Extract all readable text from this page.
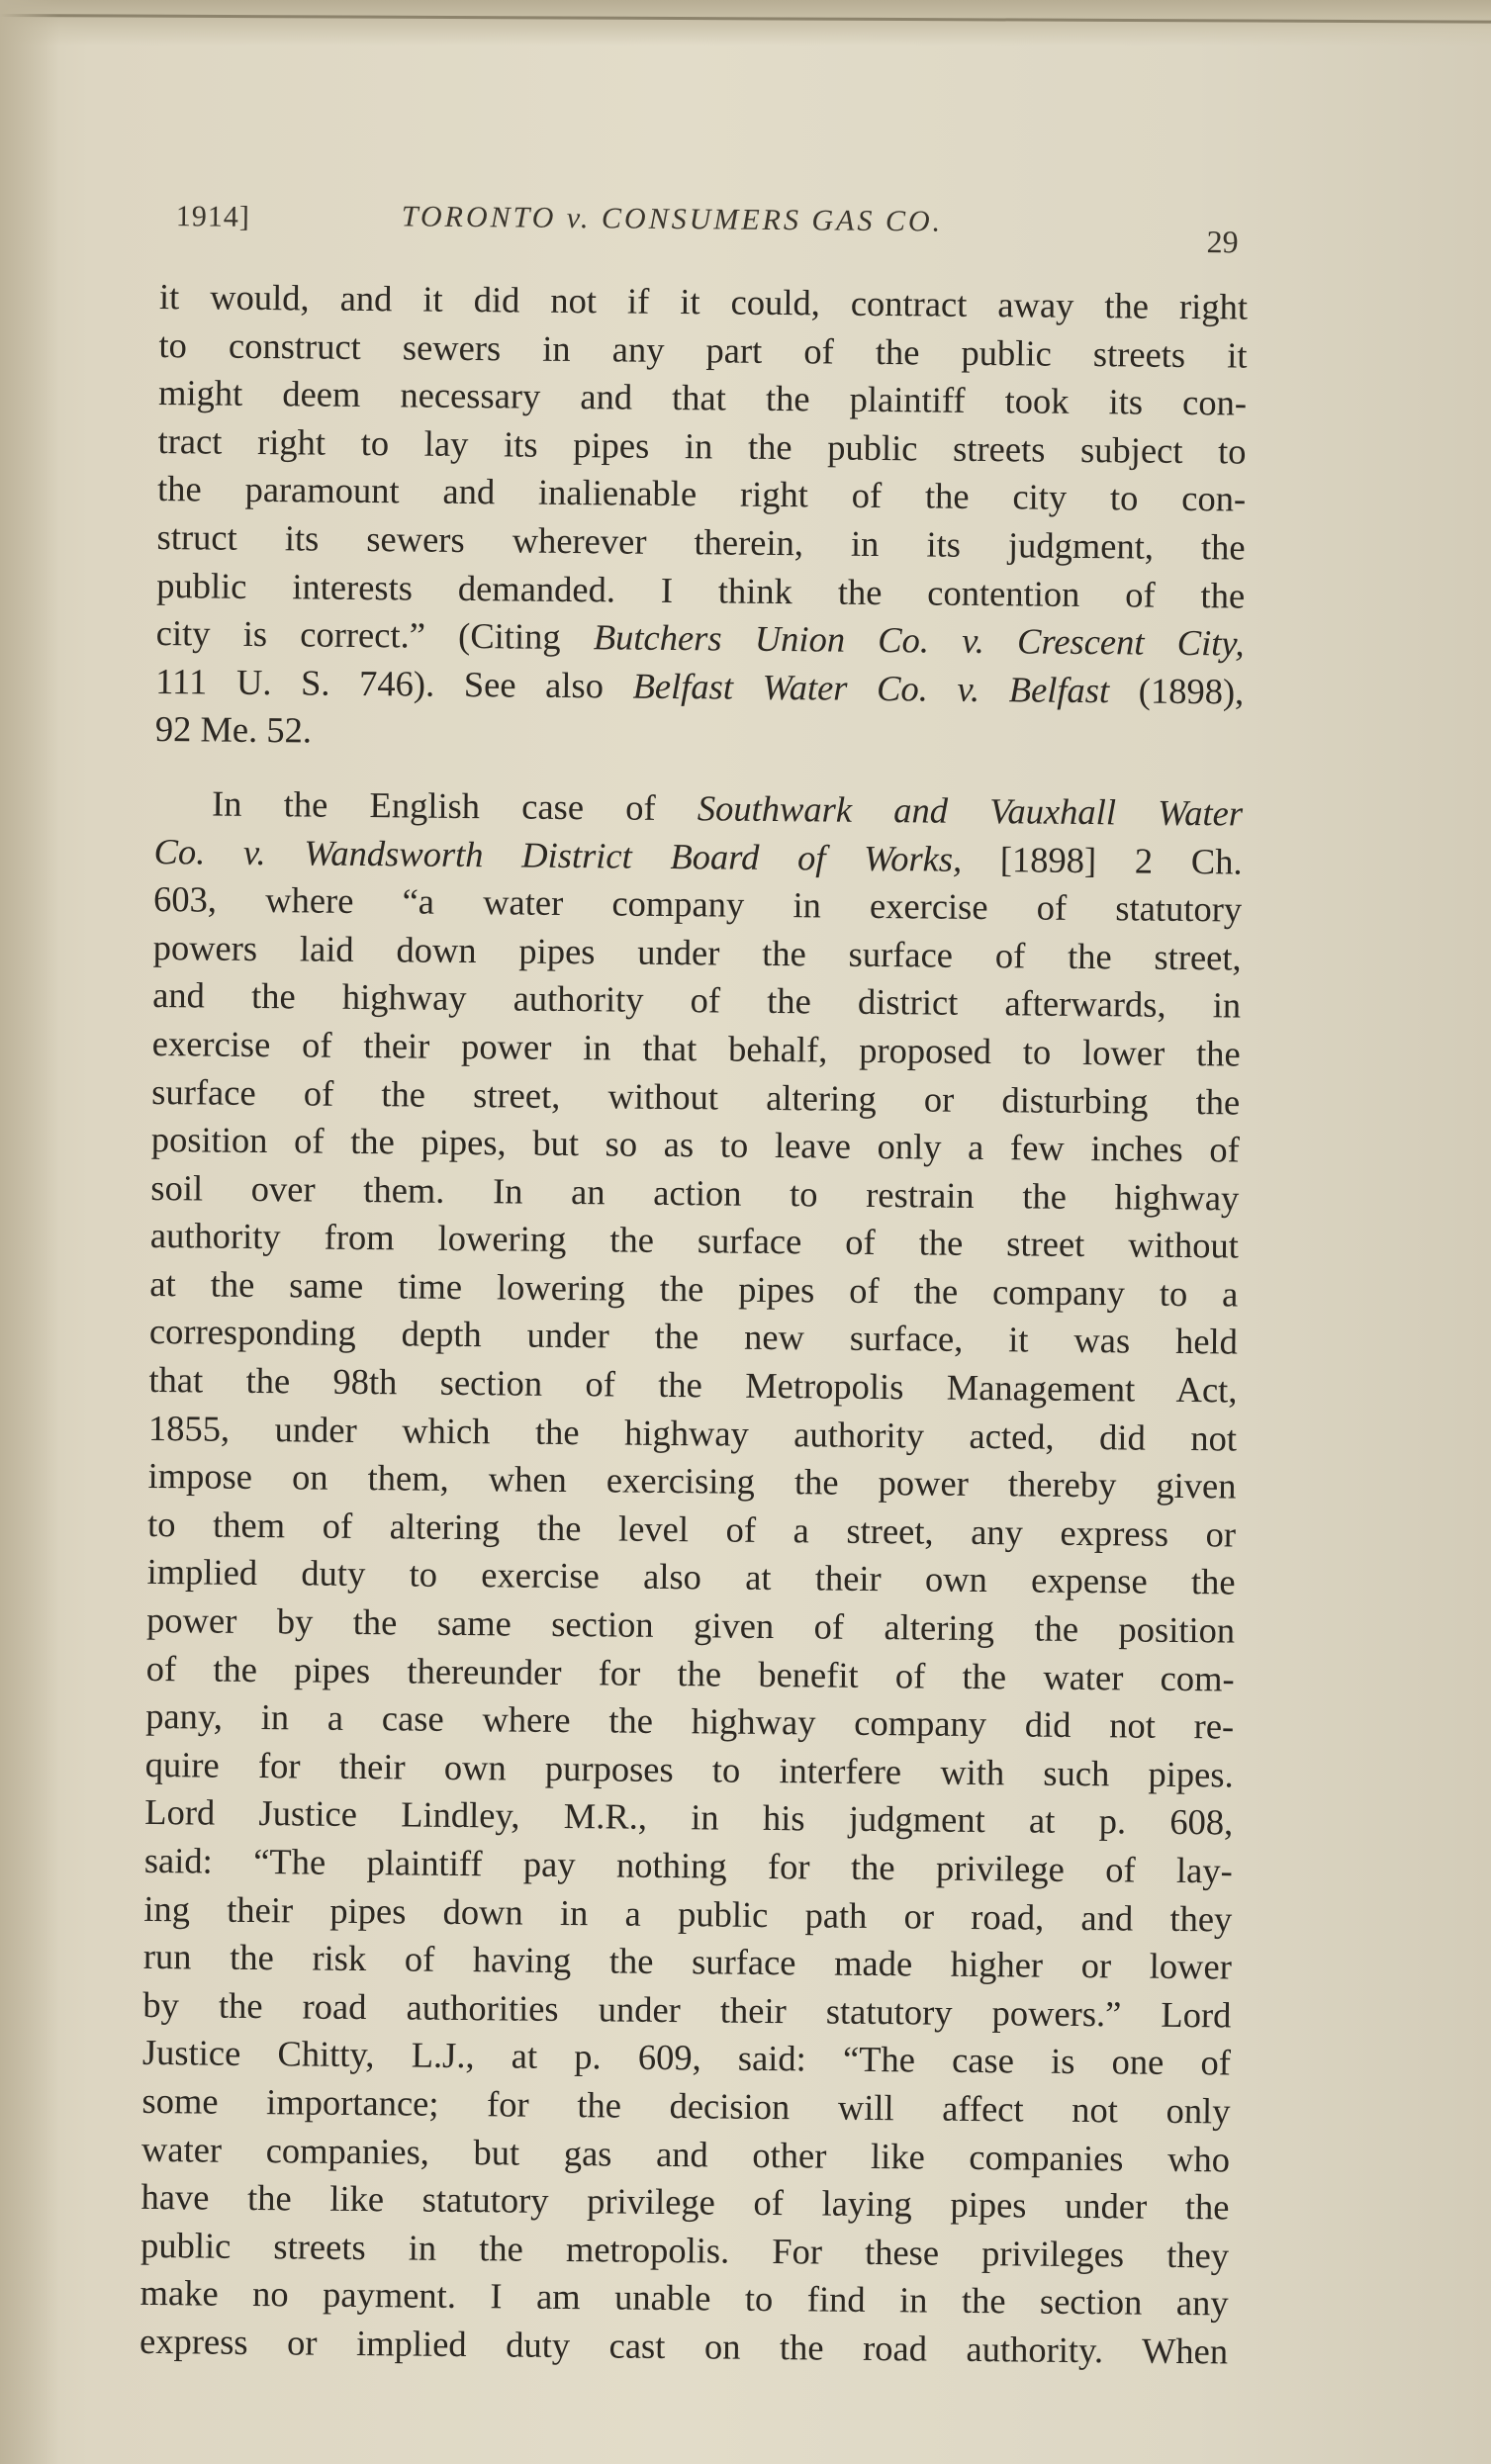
1914]	TORONTO v. CONSUMERS GAS CO.
29

it would, and it did not if it could, contract away the right
to construct sewers in any part of the public streets it
might deem necessary and that the plaintiff took its con-
tract right to lay its pipes in the public streets subject to
the paramount and inalienable right of the city to con-
struct its sewers wherever therein, in its judgment, the
public interests demanded. I think the contention of the
city is correct.” (Citing Butchers Union Co. v. Crescent City,
111 U. S. 746). See also Belfast Water Co. v. Belfast (1898),
92 Me. 52.

In the English case of Southwark and Vauxhall Water
Co. v. Wandsworth District Board of Works, [1898] 2 Ch.
603, where “a water company in exercise of statutory
powers laid down pipes under the surface of the street,
and the highway authority of the district afterwards, in
exercise of their power in that behalf, proposed to lower the
surface of the street, without altering or disturbing the
position of the pipes, but so as to leave only a few inches of
soil over them. In an action to restrain the highway
authority from lowering the surface of the street without
at the same time lowering the pipes of the company to a
corresponding depth under the new surface, it was held
that the 98th section of the Metropolis Management Act,
1855, under which the highway authority acted, did not
impose on them, when exercising the power thereby given
to them of altering the level of a street, any express or
implied duty to exercise also at their own expense the
power by the same section given of altering the position
of the pipes thereunder for the benefit of the water com-
pany, in a case where the highway company did not re-
quire for their own purposes to interfere with such pipes.
Lord Justice Lindley, M.R., in his judgment at p. 608,
said: “The plaintiff pay nothing for the privilege of lay-
ing their pipes down in a public path or road, and they
run the risk of having the surface made higher or lower
by the road authorities under their statutory powers.” Lord
Justice Chitty, L.J., at p. 609, said: “The case is one of
some importance; for the decision will affect not only
water companies, but gas and other like companies who
have the like statutory privilege of laying pipes under the
public streets in the metropolis. For these privileges they
make no payment. I am unable to find in the section any
express or implied duty cast on the road authority. When
